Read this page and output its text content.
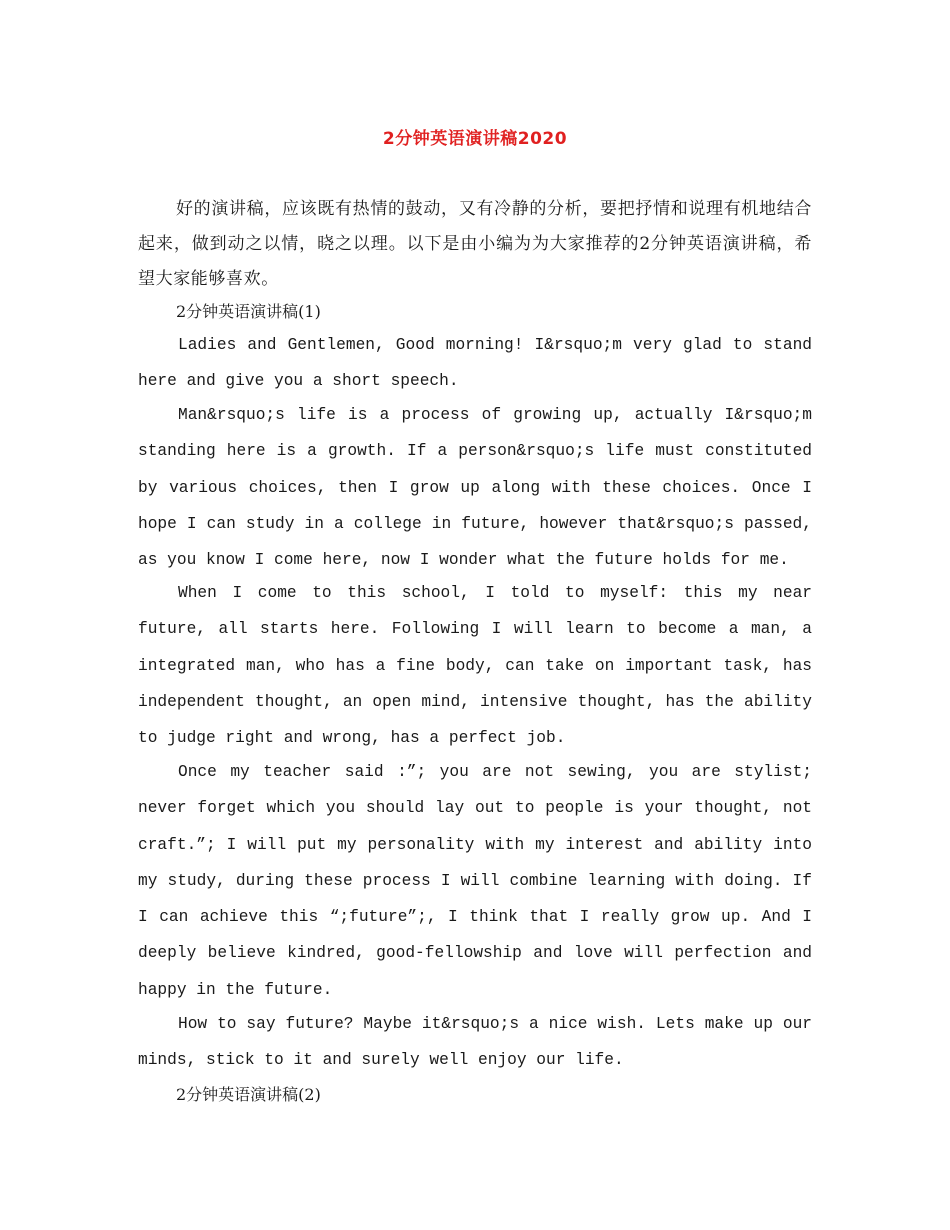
2分钟英语演讲稿2020
好的演讲稿，应该既有热情的鼓动，又有冷静的分析，要把抒情和说理有机地结合起来，做到动之以情，晓之以理。以下是由小编为为大家推荐的2分钟英语演讲稿，希望大家能够喜欢。
2分钟英语演讲稿(1)
Ladies and Gentlemen, Good morning! I&rsquo;m very glad to stand here and give you a short speech.
Man&rsquo;s life is a process of growing up, actually I&rsquo;m standing here is a growth. If a person&rsquo;s life must constituted by various choices, then I grow up along with these choices. Once I hope I can study in a college in future, however that&rsquo;s passed, as you know I come here, now I wonder what the future holds for me.
When I come to this school, I told to myself: this my near future, all starts here. Following I will learn to become a man, a integrated man, who has a fine body, can take on important task, has independent thought, an open mind, intensive thought, has the ability to judge right and wrong, has a perfect job.
Once my teacher said :”; you are not sewing, you are stylist; never forget which you should lay out to people is your thought, not craft.”; I will put my personality with my interest and ability into my study, during these process I will combine learning with doing. If I can achieve this “;future”;, I think that I really grow up. And I deeply believe kindred, good-fellowship and love will perfection and happy in the future.
How to say future? Maybe it&rsquo;s a nice wish. Lets make up our minds, stick to it and surely well enjoy our life.
2分钟英语演讲稿(2)
